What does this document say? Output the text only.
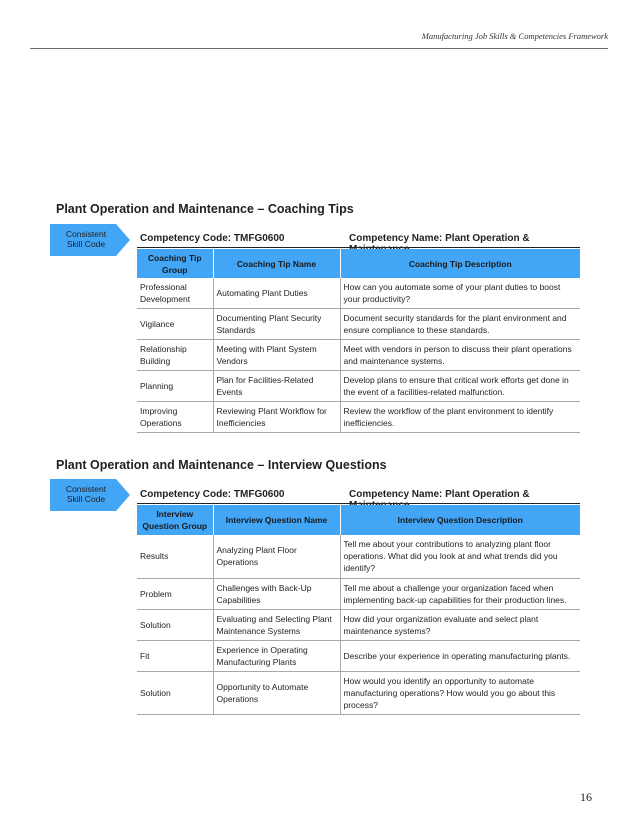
Manufacturing Job Skills & Competencies Framework
Plant Operation and Maintenance – Coaching Tips
Consistent
Skill Code	Competency Code: TMFG0600	Competency Name: Plant Operation &
Coaching Tip Group	Coaching Tip Name	Coaching Tip Description
Professional Development	Automating Plant Duties	How can you automate some of your plant duties to boost your productivity?
Vigilance	Documenting Plant Security Standards	Document security standards for the plant environment and ensure compliance to these standards.
Relationship Building	Meeting with Plant System Vendors	Meet with vendors in person to discuss their plant operations and maintenance systems.
Planning	Plan for Facilities-Related Events	Develop plans to ensure that critical work efforts get done in the event of a facilities-related malfunction.
Improving Operations	Reviewing Plant Workflow for Inefficiencies	Review the workflow of the plant environment to identify inefficiencies.
Plant Operation and Maintenance – Interview Questions
Consistent
Skill Code	Competency Code: TMFG0600	Competency Name: Plant Operation &
Interview Question Group	Interview Question Name	Interview Question Description
Results	Analyzing Plant Floor Operations	Tell me about your contributions to analyzing plant floor operations. What did you look at and what trends did you identify?
Problem	Challenges with Back-Up Capabilities	Tell me about a challenge your organization faced when implementing back-up capabilities for their production lines.
Solution	Evaluating and Selecting Plant Maintenance Systems	How did your organization evaluate and select plant maintenance systems?
Fit	Experience in Operating Manufacturing Plants	Describe your experience in operating manufacturing plants.
Solution	Opportunity to Automate Operations	How would you identify an opportunity to automate manufacturing operations? How would you go about this process?
16
